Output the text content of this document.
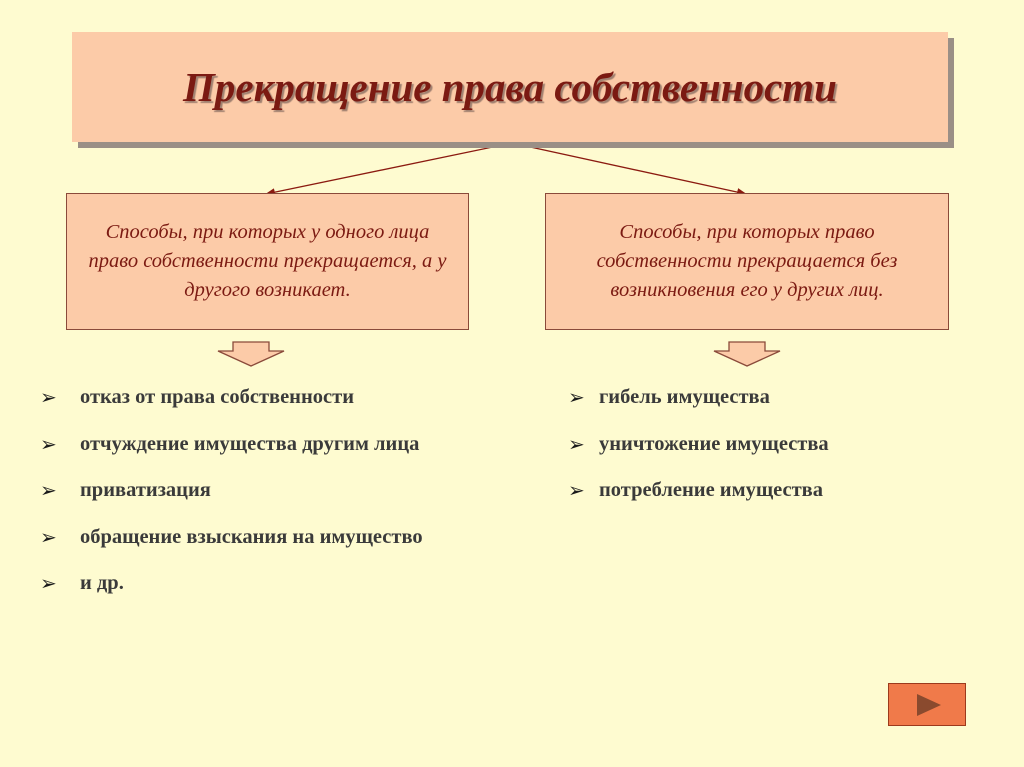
Прекращение права собственности
Способы, при которых у одного лица право собственности прекращается, а у другого возникает.
Способы, при которых право собственности прекращается без возникновения его у других лиц.
➢	отказ от права собственности
➢	отчуждение имущества другим лица
➢	приватизация
➢	обращение взыскания на имущество
➢	и др.
➢ гибель имущества
➢ уничтожение имущества
➢ потребление имущества
